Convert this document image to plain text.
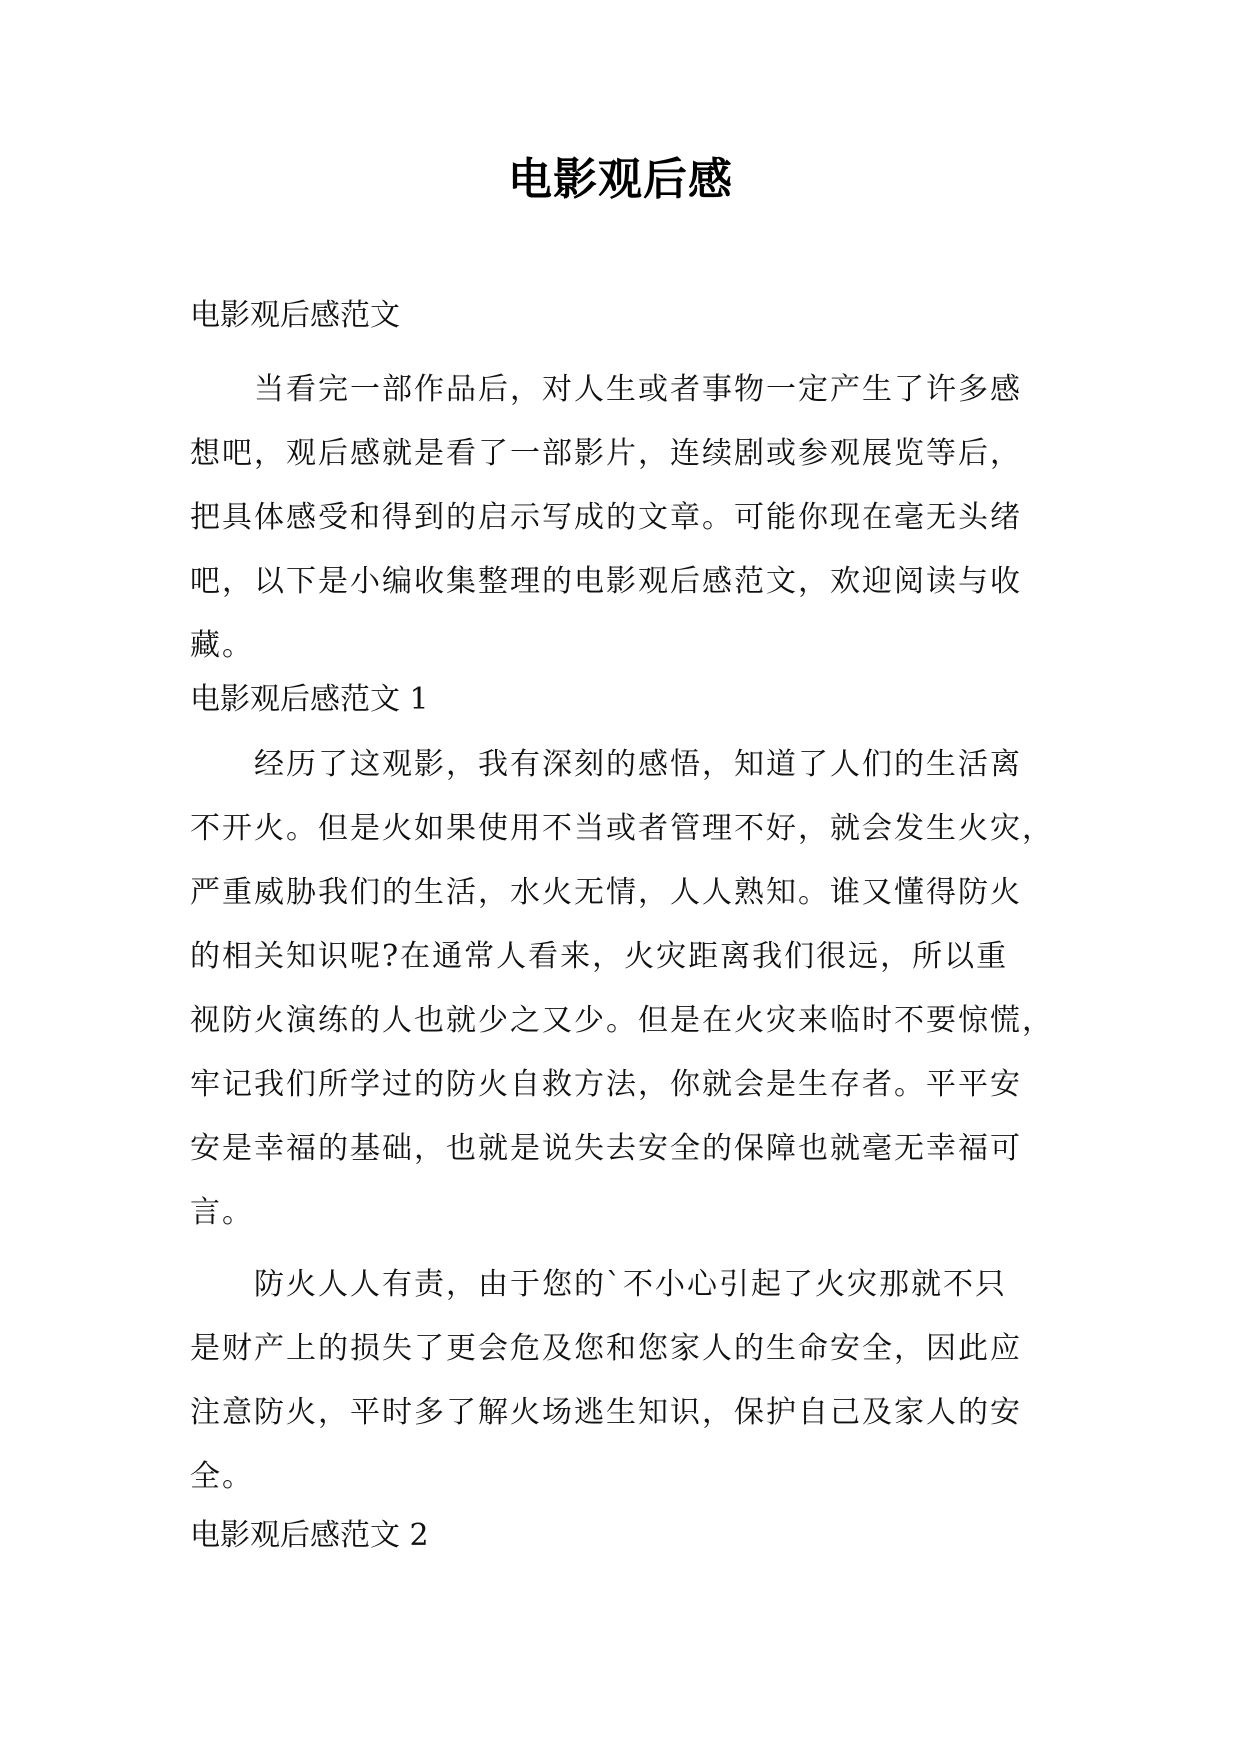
电影观后感
电影观后感范文
　　当看完一部作品后，对人生或者事物一定产生了许多感
想吧，观后感就是看了一部影片，连续剧或参观展览等后，
把具体感受和得到的启示写成的文章。可能你现在毫无头绪
吧，以下是小编收集整理的电影观后感范文，欢迎阅读与收
藏。
电影观后感范文 1
　　经历了这观影，我有深刻的感悟，知道了人们的生活离
不开火。但是火如果使用不当或者管理不好，就会发生火灾，
严重威胁我们的生活，水火无情，人人熟知。谁又懂得防火
的相关知识呢?在通常人看来，火灾距离我们很远，所以重
视防火演练的人也就少之又少。但是在火灾来临时不要惊慌，
牢记我们所学过的防火自救方法，你就会是生存者。平平安
安是幸福的基础，也就是说失去安全的保障也就毫无幸福可
言。
　　防火人人有责，由于您的`不小心引起了火灾那就不只
是财产上的损失了更会危及您和您家人的生命安全，因此应
注意防火，平时多了解火场逃生知识，保护自己及家人的安
全。
电影观后感范文 2
